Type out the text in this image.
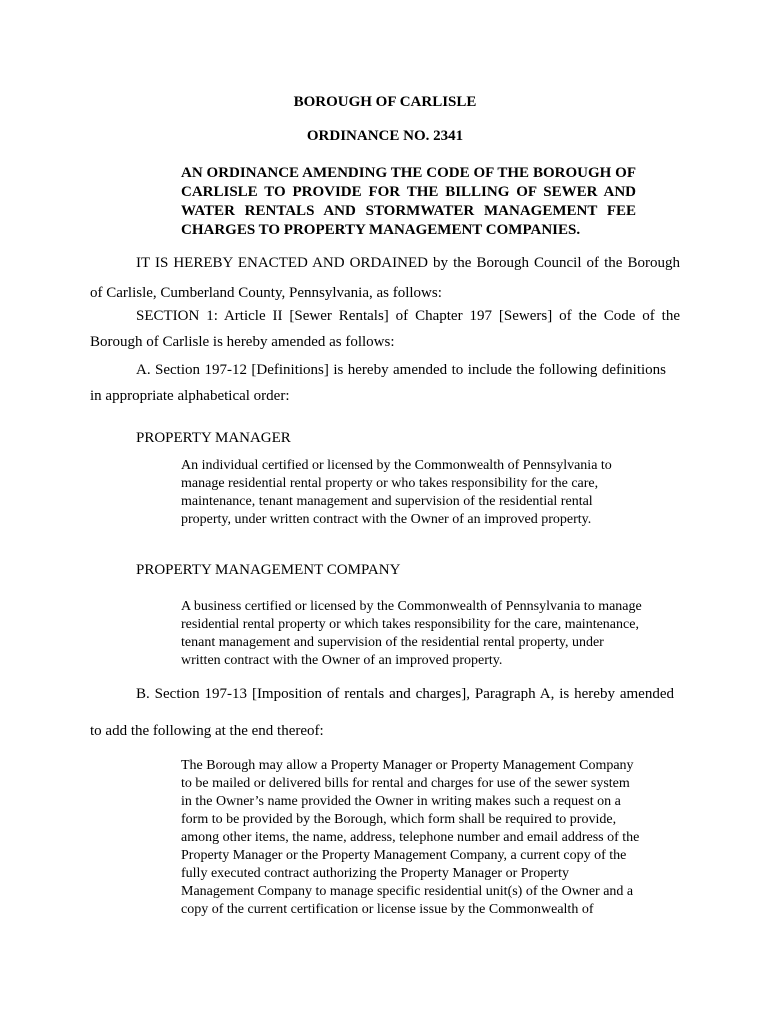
BOROUGH OF CARLISLE
ORDINANCE NO. 2341
AN ORDINANCE AMENDING THE CODE OF THE BOROUGH OF
CARLISLE TO PROVIDE FOR THE BILLING OF SEWER AND
WATER RENTALS AND STORMWATER MANAGEMENT FEE
CHARGES TO PROPERTY MANAGEMENT COMPANIES.
IT IS HEREBY ENACTED AND ORDAINED by the Borough Council of the Borough
of Carlisle, Cumberland County, Pennsylvania, as follows:
SECTION 1: Article II [Sewer Rentals] of Chapter 197 [Sewers] of the Code of the
Borough of Carlisle is hereby amended as follows:
A. Section 197-12 [Definitions] is hereby amended to include the following definitions
in appropriate alphabetical order:
PROPERTY MANAGER
An individual certified or licensed by the Commonwealth of Pennsylvania to
manage residential rental property or who takes responsibility for the care,
maintenance, tenant management and supervision of the residential rental
property, under written contract with the Owner of an improved property.
PROPERTY MANAGEMENT COMPANY
A business certified or licensed by the Commonwealth of Pennsylvania to manage
residential rental property or which takes responsibility for the care, maintenance,
tenant management and supervision of the residential rental property, under
written contract with the Owner of an improved property.
B. Section 197-13 [Imposition of rentals and charges], Paragraph A, is hereby amended
to add the following at the end thereof:
The Borough may allow a Property Manager or Property Management Company
to be mailed or delivered bills for rental and charges for use of the sewer system
in the Owner’s name provided the Owner in writing makes such a request on a
form to be provided by the Borough, which form shall be required to provide,
among other items, the name, address, telephone number and email address of the
Property Manager or the Property Management Company, a current copy of the
fully executed contract authorizing the Property Manager or Property
Management Company to manage specific residential unit(s) of the Owner and a
copy of the current certification or license issue by the Commonwealth of
